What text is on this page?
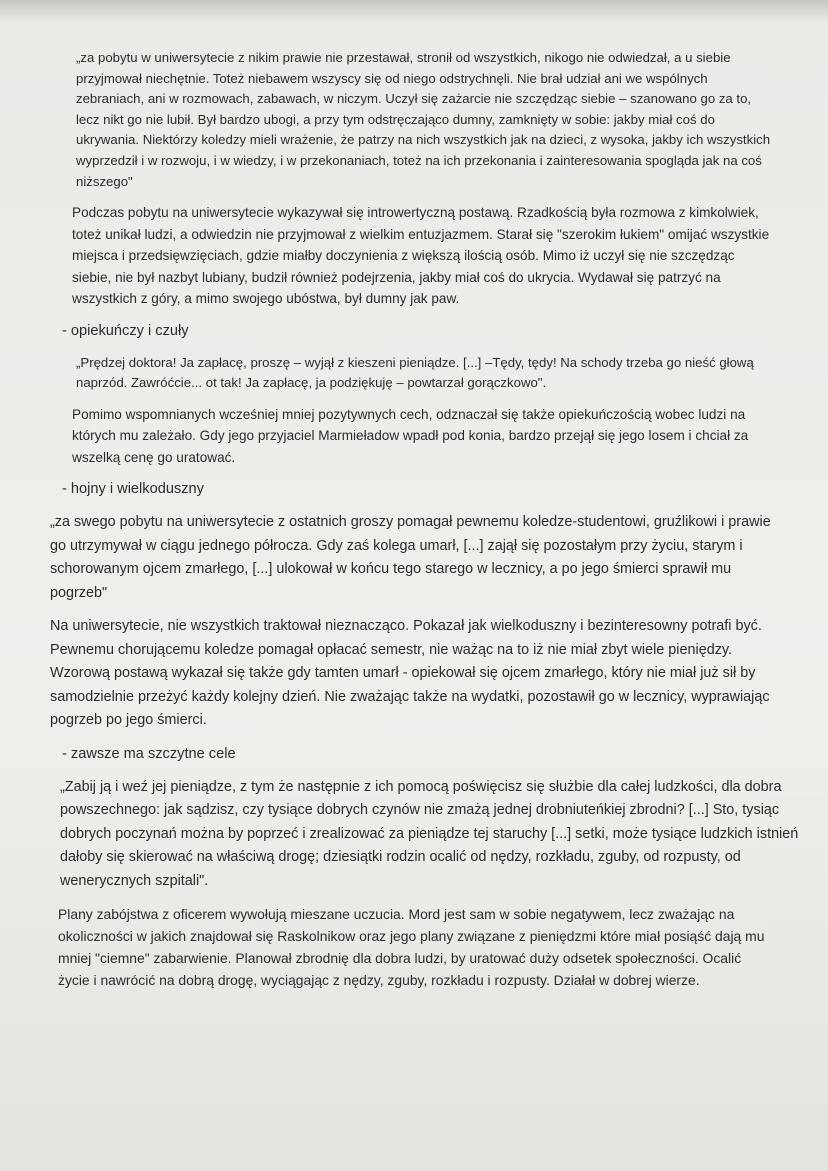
„za pobytu w uniwersytecie z nikim prawie nie przestawał, stronił od wszystkich, nikogo nie odwiedzał, a u siebie przyjmował niechętnie. Toteż niebawem wszyscy się od niego odstrychnęli. Nie brał udział ani we wspólnych zebraniach, ani w rozmowach, zabawach, w niczym. Uczył się zażarcie nie szczędząc siebie – szanowano go za to, lecz nikt go nie lubił. Był bardzo ubogi, a przy tym odstręczająco dumny, zamknięty w sobie: jakby miał coś do ukrywania. Niektórzy koledzy mieli wrażenie, że patrzy na nich wszystkich jak na dzieci, z wysoka, jakby ich wszystkich wyprzedził i w rozwoju, i w wiedzy, i w przekonaniach, toteż na ich przekonania i zainteresowania spogląda jak na coś niższego"

Podczas pobytu na uniwersytecie wykazywał się introwertyczną postawą. Rzadkością była rozmowa z kimkolwiek, toteż unikał ludzi, a odwiedzin nie przyjmował z wielkim entuzjazmem. Starał się "szerokim łukiem" omijać wszystkie miejsca i przedsięwzięciach, gdzie miałby doczynienia z większą ilością osób. Mimo iż uczył się nie szczędząc siebie, nie był nazbyt lubiany, budził również podejrzenia, jakby miał coś do ukrycia. Wydawał się patrzyć na wszystkich z góry, a mimo swojego ubóstwa, był dumny jak paw.

- opiekuńczy i czuły

„Prędzej doktora! Ja zapłacę, proszę – wyjął z kieszeni pieniądze. [...] –Tędy, tędy! Na schody trzeba go nieść głową naprzód. Zawróćcie... ot tak! Ja zapłacę, ja podziękuję – powtarzał gorączkowo".

Pomimo wspomnianych wcześniej mniej pozytywnych cech, odznaczał się także opiekuńczością wobec ludzi na których mu zależało. Gdy jego przyjaciel Marmieładow wpadł pod konia, bardzo przejął się jego losem i chciał za wszelką cenę go uratować.

- hojny i wielkoduszny

„za swego pobytu na uniwersytecie z ostatnich groszy pomagał pewnemu koledze-studentowi, gruźlikowi i prawie go utrzymywał w ciągu jednego półrocza. Gdy zaś kolega umarł, [...] zajął się pozostałym przy życiu, starym i schorowanym ojcem zmarłego, [...] ulokował w końcu tego starego w lecznicy, a po jego śmierci sprawił mu pogrzeb"

Na uniwersytecie, nie wszystkich traktował nieznacząco. Pokazał jak wielkoduszny i bezinteresowny potrafi być. Pewnemu chorującemu koledze pomagał opłacać semestr, nie ważąc na to iż nie miał zbyt wiele pieniędzy. Wzorową postawą wykazał się także gdy tamten umarł - opiekował się ojcem zmarłego, który nie miał już sił by samodzielnie przeżyć każdy kolejny dzień. Nie zważając także na wydatki, pozostawił go w lecznicy, wyprawiając pogrzeb po jego śmierci.

- zawsze ma szczytne cele

„Zabij ją i weź jej pieniądze, z tym że następnie z ich pomocą poświęcisz się służbie dla całej ludzkości, dla dobra powszechnego: jak sądzisz, czy tysiące dobrych czynów nie zmażą jednej drobniuteńkiej zbrodni? [...] Sto, tysiąc dobrych poczynań można by poprzeć i zrealizować za pieniądze tej staruchy [...] setki, może tysiące ludzkich istnień dałoby się skierować na właściwą drogę; dziesiątki rodzin ocalić od nędzy, rozkładu, zguby, od rozpusty, od wenerycznych szpitali".

Plany zabójstwa z oficerem wywołują mieszane uczucia. Mord jest sam w sobie negatywem, lecz zważając na okoliczności w jakich znajdował się Raskolnikow oraz jego plany związane z pieniędzmi które miał posiąść dają mu mniej "ciemne" zabarwienie. Planował zbrodnię dla dobra ludzi, by uratować duży odsetek społeczności. Ocalić życie i nawrócić na dobrą drogę, wyciągając z nędzy, zguby, rozkładu i rozpusty. Działał w dobrej wierze.
